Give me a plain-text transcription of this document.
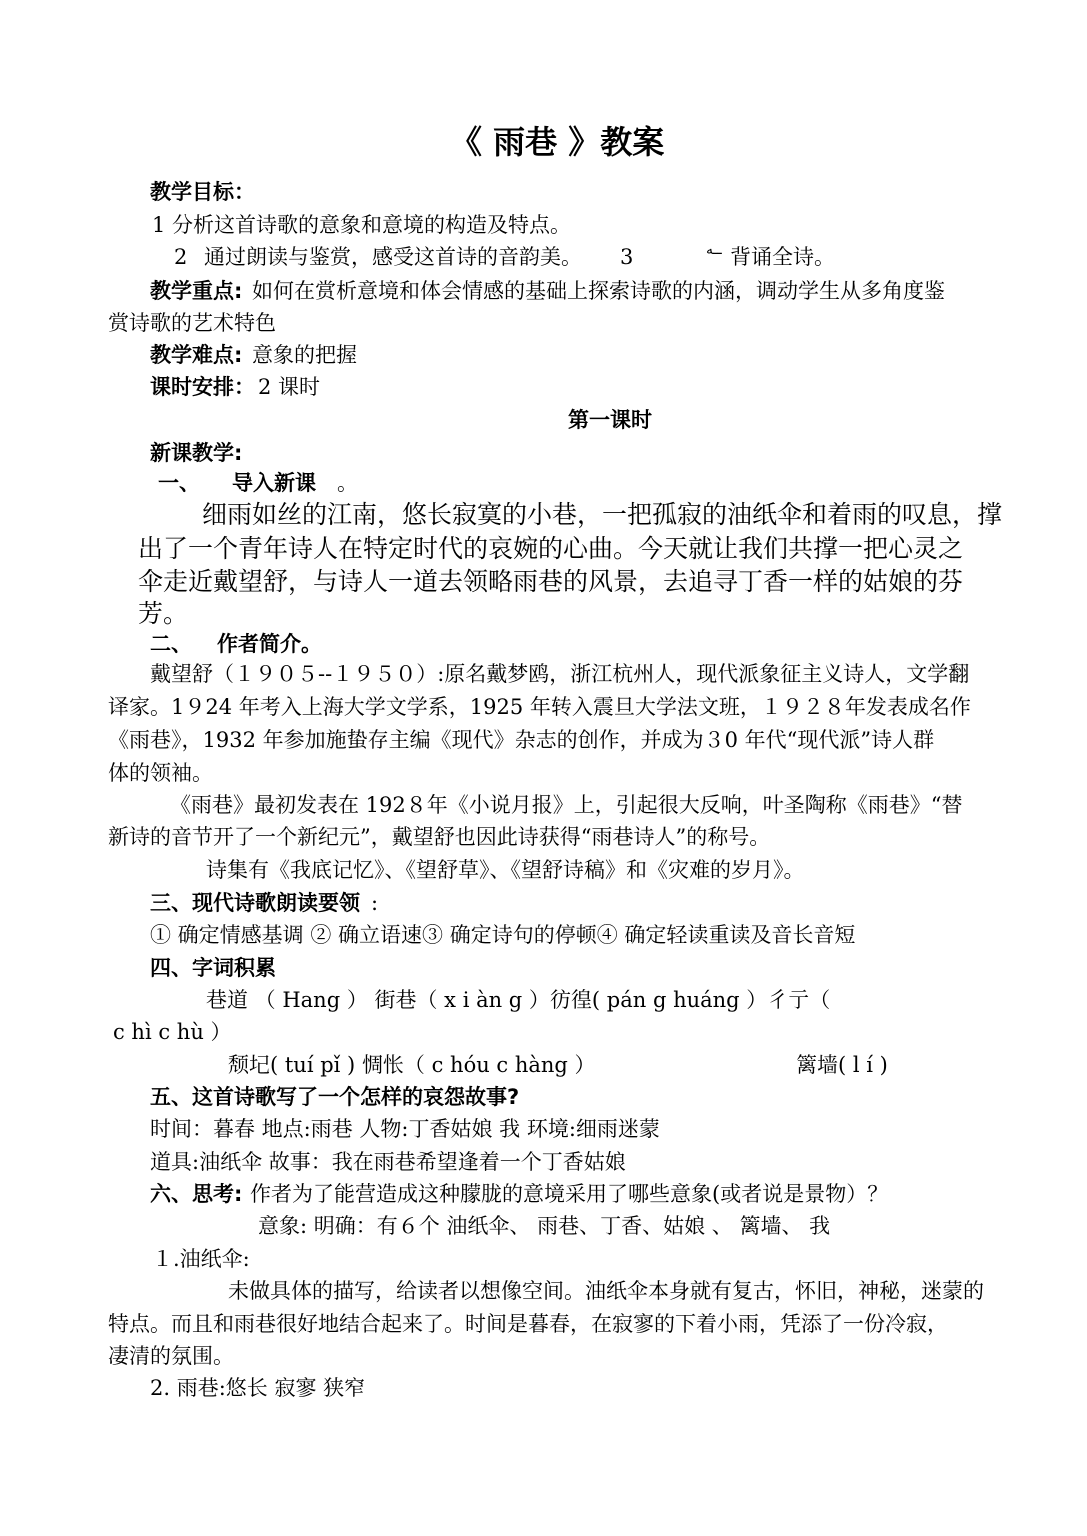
《 雨巷 》教案
教学目标：
1 分析这首诗歌的意象和意境的构造及特点。
2 通过朗读与鉴赏，感受这首诗的音韵美。 3	ــه 背诵全诗。
教学重点: 如何在赏析意境和体会情感的基础上探索诗歌的内涵，调动学生从多角度鉴
赏诗歌的艺术特色
教学难点: 意象的把握
课时安排： 2 课时
第一课时
新课教学:
一、 导入新课 。
细雨如丝的江南，悠长寂寞的小巷，一把孤寂的油纸伞和着雨的叹息，撑
出了一个青年诗人在特定时代的哀婉的心曲。今天就让我们共撑一把心灵之
伞走近戴望舒，与诗人一道去领略雨巷的风景，去追寻丁香一样的姑娘的芬
芳。
二、 作者简介。
戴望舒（１９０５--１９５０）:原名戴梦鸥，浙江杭州人，现代派象征主义诗人，文学翻
译家。1９24 年考入上海大学文学系，1925 年转入震旦大学法文班，１９２８年发表成名作
《雨巷》，1932 年参加施蛰存主编《现代》杂志的创作，并成为３0 年代“现代派”诗人群
体的领袖。
《雨巷》最初发表在 192８年《小说月报》上，引起很大反响，叶圣陶称《雨巷》“替
新诗的音节开了一个新纪元”，戴望舒也因此诗获得“雨巷诗人”的称号。
诗集有《我底记忆》、《望舒草》、《望舒诗稿》和《灾难的岁月》。
三、现代诗歌朗读要领 :
① 确定情感基调 ② 确立语速③ 确定诗句的停顿④ 确定轻读重读及音长音短
四、字词积累
巷道 （ Hang ） 街巷（ x i àn g ）彷徨( pán g huáng ）彳亍（
c hì c hù ）
颓圮( tuí pǐ ) 惆怅（ c hóu c hàng ）	篱墙( l í )
五、这首诗歌写了一个怎样的哀怨故事?
时间：暮春 地点:雨巷 人物:丁香姑娘 我 环境:细雨迷蒙
道具:油纸伞 故事：我在雨巷希望逢着一个丁香姑娘
六、思考: 作者为了能营造成这种朦胧的意境采用了哪些意象(或者说是景物）？
意象: 明确：有６个 油纸伞、 雨巷、丁香、姑娘 、 篱墙、 我
１.油纸伞:
未做具体的描写，给读者以想像空间。油纸伞本身就有复古，怀旧，神秘，迷蒙的
特点。而且和雨巷很好地结合起来了。时间是暮春，在寂寥的下着小雨，凭添了一份冷寂，
凄清的氛围。
2. 雨巷:悠长 寂寥 狭窄
